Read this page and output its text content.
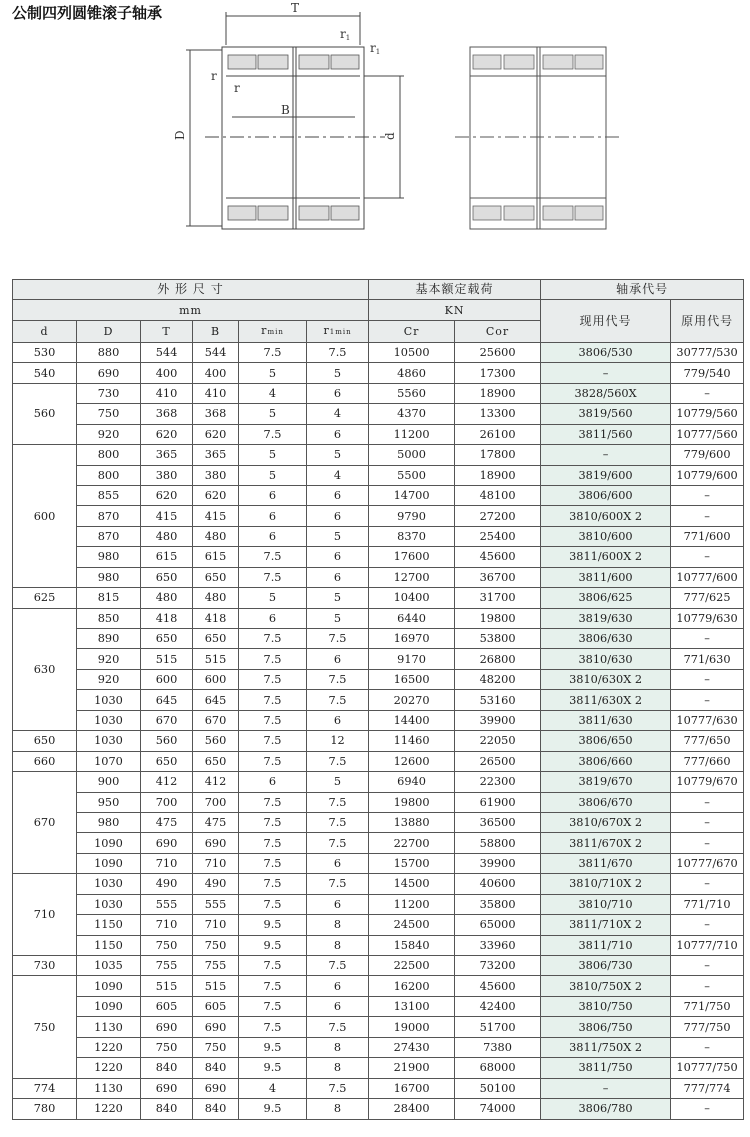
公制四列圆锥滚子轴承	T
r1
r1
r
r
B
D	d
外 形 尺 寸						基本额定载荷		轴承代号	
mm						KN		现用代号	原用代号
d	D	T	B	rmin	r1min	Cr	Cor		
530	880	544	544	7.5	7.5	10500	25600	3806/530	30777/530
540	690	400	400	5	5	4860	17300	–	779/540
560	730	410	410	4	6	5560	18900	3828/560X	–
	750	368	368	5	4	4370	13300	3819/560	10779/560
	920	620	620	7.5	6	11200	26100	3811/560	10777/560
600	800	365	365	5	5	5000	17800	–	779/600
	800	380	380	5	4	5500	18900	3819/600	10779/600
	855	620	620	6	6	14700	48100	3806/600	–
	870	415	415	6	6	9790	27200	3810/600X 2	–
	870	480	480	6	5	8370	25400	3810/600	771/600
	980	615	615	7.5	6	17600	45600	3811/600X 2	–
	980	650	650	7.5	6	12700	36700	3811/600	10777/600
625	815	480	480	5	5	10400	31700	3806/625	777/625
630	850	418	418	6	5	6440	19800	3819/630	10779/630
	890	650	650	7.5	7.5	16970	53800	3806/630	–
	920	515	515	7.5	6	9170	26800	3810/630	771/630
	920	600	600	7.5	7.5	16500	48200	3810/630X 2	–
	1030	645	645	7.5	7.5	20270	53160	3811/630X 2	–
	1030	670	670	7.5	6	14400	39900	3811/630	10777/630
650	1030	560	560	7.5	12	11460	22050	3806/650	777/650
660	1070	650	650	7.5	7.5	12600	26500	3806/660	777/660
670	900	412	412	6	5	6940	22300	3819/670	10779/670
	950	700	700	7.5	7.5	19800	61900	3806/670	–
	980	475	475	7.5	7.5	13880	36500	3810/670X 2	–
	1090	690	690	7.5	7.5	22700	58800	3811/670X 2	–
	1090	710	710	7.5	6	15700	39900	3811/670	10777/670
710	1030	490	490	7.5	7.5	14500	40600	3810/710X 2	–
	1030	555	555	7.5	6	11200	35800	3810/710	771/710
	1150	710	710	9.5	8	24500	65000	3811/710X 2	–
	1150	750	750	9.5	8	15840	33960	3811/710	10777/710
730	1035	755	755	7.5	7.5	22500	73200	3806/730	–
750	1090	515	515	7.5	6	16200	45600	3810/750X 2	–
	1090	605	605	7.5	6	13100	42400	3810/750	771/750
	1130	690	690	7.5	7.5	19000	51700	3806/750	777/750
	1220	750	750	9.5	8	27430	7380	3811/750X 2	–
	1220	840	840	9.5	8	21900	68000	3811/750	10777/750
774	1130	690	690	4	7.5	16700	50100	–	777/774
780	1220	840	840	9.5	8	28400	74000	3806/780	–
